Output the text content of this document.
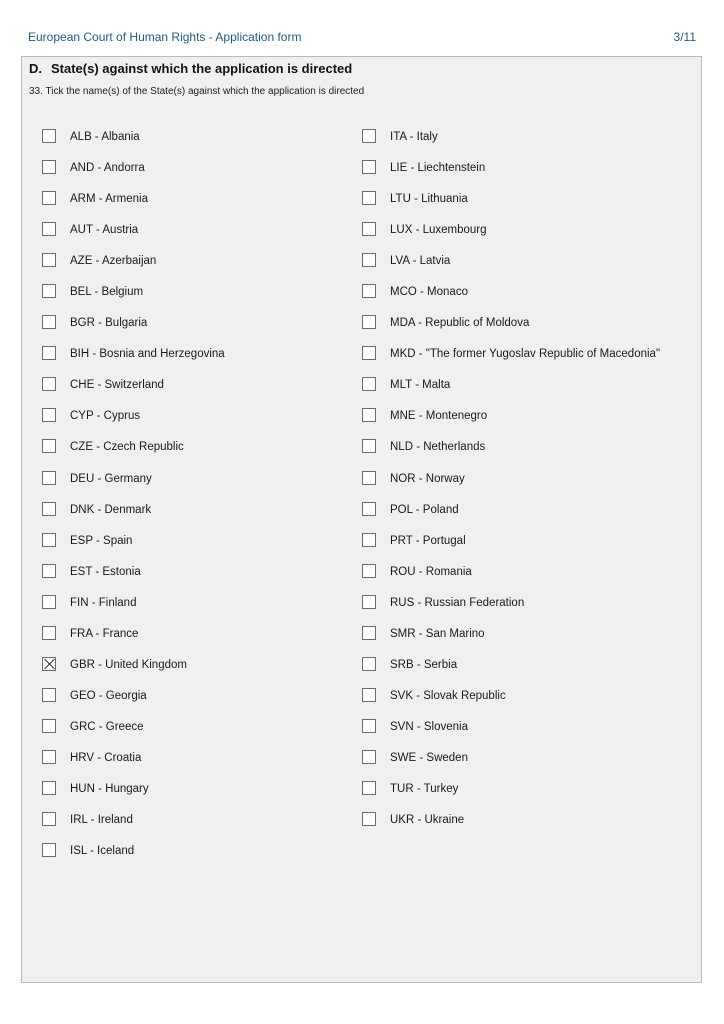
European Court of Human Rights - Application form	3/11
D. State(s) against which the application is directed
33. Tick the name(s) of the State(s) against which the application is directed
ALB - Albania
AND - Andorra
ARM - Armenia
AUT - Austria
AZE - Azerbaijan
BEL - Belgium
BGR - Bulgaria
BIH - Bosnia and Herzegovina
CHE - Switzerland
CYP - Cyprus
CZE - Czech Republic
DEU - Germany
DNK - Denmark
ESP - Spain
EST - Estonia
FIN - Finland
FRA - France
GBR - United Kingdom
GEO - Georgia
GRC - Greece
HRV - Croatia
HUN - Hungary
IRL - Ireland
ISL - Iceland
ITA - Italy
LIE - Liechtenstein
LTU - Lithuania
LUX - Luxembourg
LVA - Latvia
MCO - Monaco
MDA - Republic of Moldova
MKD - "The former Yugoslav Republic of Macedonia"
MLT - Malta
MNE - Montenegro
NLD - Netherlands
NOR - Norway
POL - Poland
PRT - Portugal
ROU - Romania
RUS - Russian Federation
SMR - San Marino
SRB - Serbia
SVK - Slovak Republic
SVN - Slovenia
SWE - Sweden
TUR - Turkey
UKR - Ukraine
